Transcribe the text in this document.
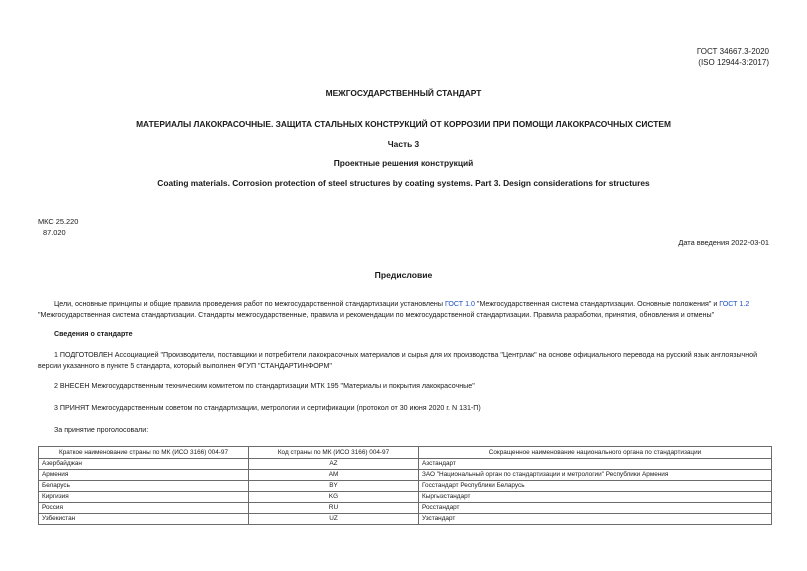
ГОСТ 34667.3-2020
(ISO 12944-3:2017)
МЕЖГОСУДАРСТВЕННЫЙ СТАНДАРТ
МАТЕРИАЛЫ ЛАКОКРАСОЧНЫЕ. ЗАЩИТА СТАЛЬНЫХ КОНСТРУКЦИЙ ОТ КОРРОЗИИ ПРИ ПОМОЩИ ЛАКОКРАСОЧНЫХ СИСТЕМ
Часть 3
Проектные решения конструкций
Coating materials. Corrosion protection of steel structures by coating systems. Part 3. Design considerations for structures
МКС 25.220
87.020
Дата введения 2022-03-01
Предисловие
Цели, основные принципы и общие правила проведения работ по межгосударственной стандартизации установлены ГОСТ 1.0 "Межгосударственная система стандартизации. Основные положения" и ГОСТ 1.2 "Межгосударственная система стандартизации. Стандарты межгосударственные, правила и рекомендации по межгосударственной стандартизации. Правила разработки, принятия, обновления и отмены"
Сведения о стандарте
1 ПОДГОТОВЛЕН Ассоциацией "Производители, поставщики и потребители лакокрасочных материалов и сырья для их производства "Центрлак" на основе официального перевода на русский язык англоязычной версии указанного в пункте 5 стандарта, который выполнен ФГУП "СТАНДАРТИНФОРМ"
2 ВНЕСЕН Межгосударственным техническим комитетом по стандартизации МТК 195 "Материалы и покрытия лакокрасочные"
3 ПРИНЯТ Межгосударственным советом по стандартизации, метрологии и сертификации (протокол от 30 июня 2020 г. N 131-П)
За принятие проголосовали:
Краткое наименование страны по МК (ИСО 3166) 004-97	Код страны по МК (ИСО 3166) 004-97	Сокращенное наименование национального органа по стандартизации
Азербайджан	AZ	Азстандарт
Армения	AM	ЗАО "Национальный орган по стандартизации и метрологии" Республики Армения
Беларусь	BY	Госстандарт Республики Беларусь
Киргизия	KG	Кыргызстандарт
Россия	RU	Росстандарт
Узбекистан	UZ	Узстандарт
